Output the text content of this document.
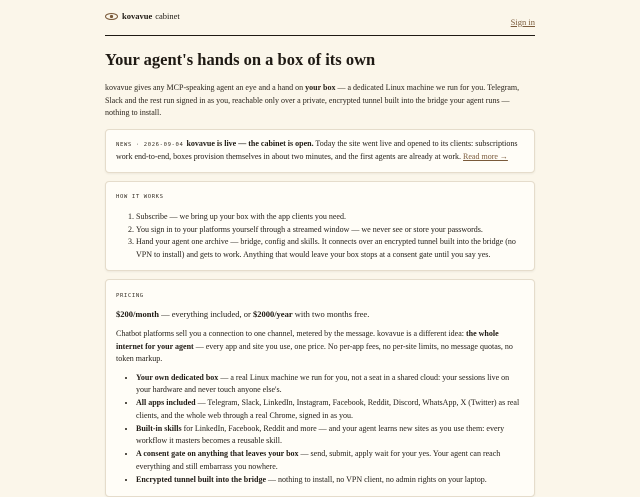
kovavue cabinet
Sign in
Your agent's hands on a box of its own

kovavue gives any MCP-speaking agent an eye and a hand on your box — a dedicated Linux machine we run for you. Telegram, Slack and the rest run signed in as you, reachable only over a private, encrypted tunnel built into the bridge your agent runs — nothing to install.

NEWS · 2026-09-04 kovavue is live — the cabinet is open. Today the site went live and opened to its clients: subscriptions work end-to-end, boxes provision themselves in about two minutes, and the first agents are already at work. Read more →
HOW IT WORKS
1. Subscribe — we bring up your box with the app clients you need.
2. You sign in to your platforms yourself through a streamed window — we never see or store your passwords.
3. Hand your agent one archive — bridge, config and skills. It connects over an encrypted tunnel built into the bridge (no VPN to install) and gets to work. Anything that would leave your box stops at a consent gate until you say yes.
PRICING
$200/month — everything included, or $2000/year with two months free.

Chatbot platforms sell you a connection to one channel, metered by the message. kovavue is a different idea: the whole internet for your agent — every app and site you use, one price. No per-app fees, no per-site limits, no message quotas, no token markup.

• Your own dedicated box — a real Linux machine we run for you, not a seat in a shared cloud: your sessions live on your hardware and never touch anyone else's.
• All apps included — Telegram, Slack, LinkedIn, Instagram, Facebook, Reddit, Discord, WhatsApp, X (Twitter) as real clients, and the whole web through a real Chrome, signed in as you.
• Built-in skills for LinkedIn, Facebook, Reddit and more — and your agent learns new sites as you use them: every workflow it masters becomes a reusable skill.
• A consent gate on anything that leaves your box — send, submit, apply wait for your yes. Your agent can reach everything and still embarrass you nowhere.
• Encrypted tunnel built into the bridge — nothing to install, no VPN client, no admin rights on your laptop.
